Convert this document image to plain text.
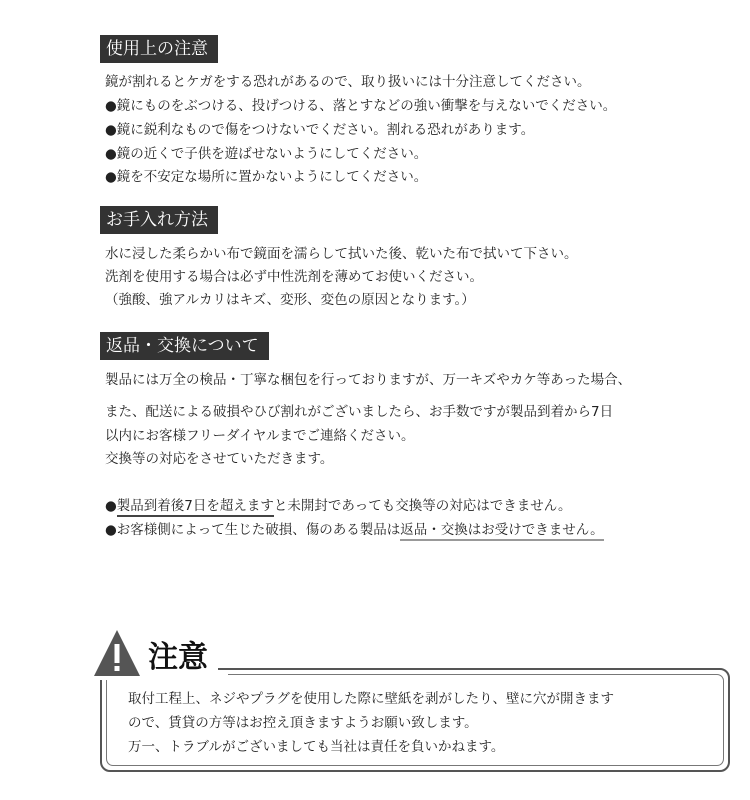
使用上の注意
鏡が割れるとケガをする恐れがあるので、取り扱いには十分注意してください。
●鏡にものをぶつける、投げつける、落とすなどの強い衝撃を与えないでください。
●鏡に鋭利なもので傷をつけないでください。割れる恐れがあります。
●鏡の近くで子供を遊ばせないようにしてください。
●鏡を不安定な場所に置かないようにしてください。
お手入れ方法
水に浸した柔らかい布で鏡面を濡らして拭いた後、乾いた布で拭いて下さい。
洗剤を使用する場合は必ず中性洗剤を薄めてお使いください。
（強酸、強アルカリはキズ、変形、変色の原因となります。）
返品・交換について
製品には万全の検品・丁寧な梱包を行っておりますが、万一キズやカケ等あった場合、
また、配送による破損やひび割れがございましたら、お手数ですが製品到着から7日
以内にお客様フリーダイヤルまでご連絡ください。
交換等の対応をさせていただきます。
●製品到着後7日を超えますと未開封であっても交換等の対応はできません。
●お客様側によって生じた破損、傷のある製品は返品・交換はお受けできません。
注意
取付工程上、ネジやプラグを使用した際に壁紙を剥がしたり、壁に穴が開きます
ので、賃貸の方等はお控え頂きますようお願い致します。
万一、トラブルがございましても当社は責任を負いかねます。
